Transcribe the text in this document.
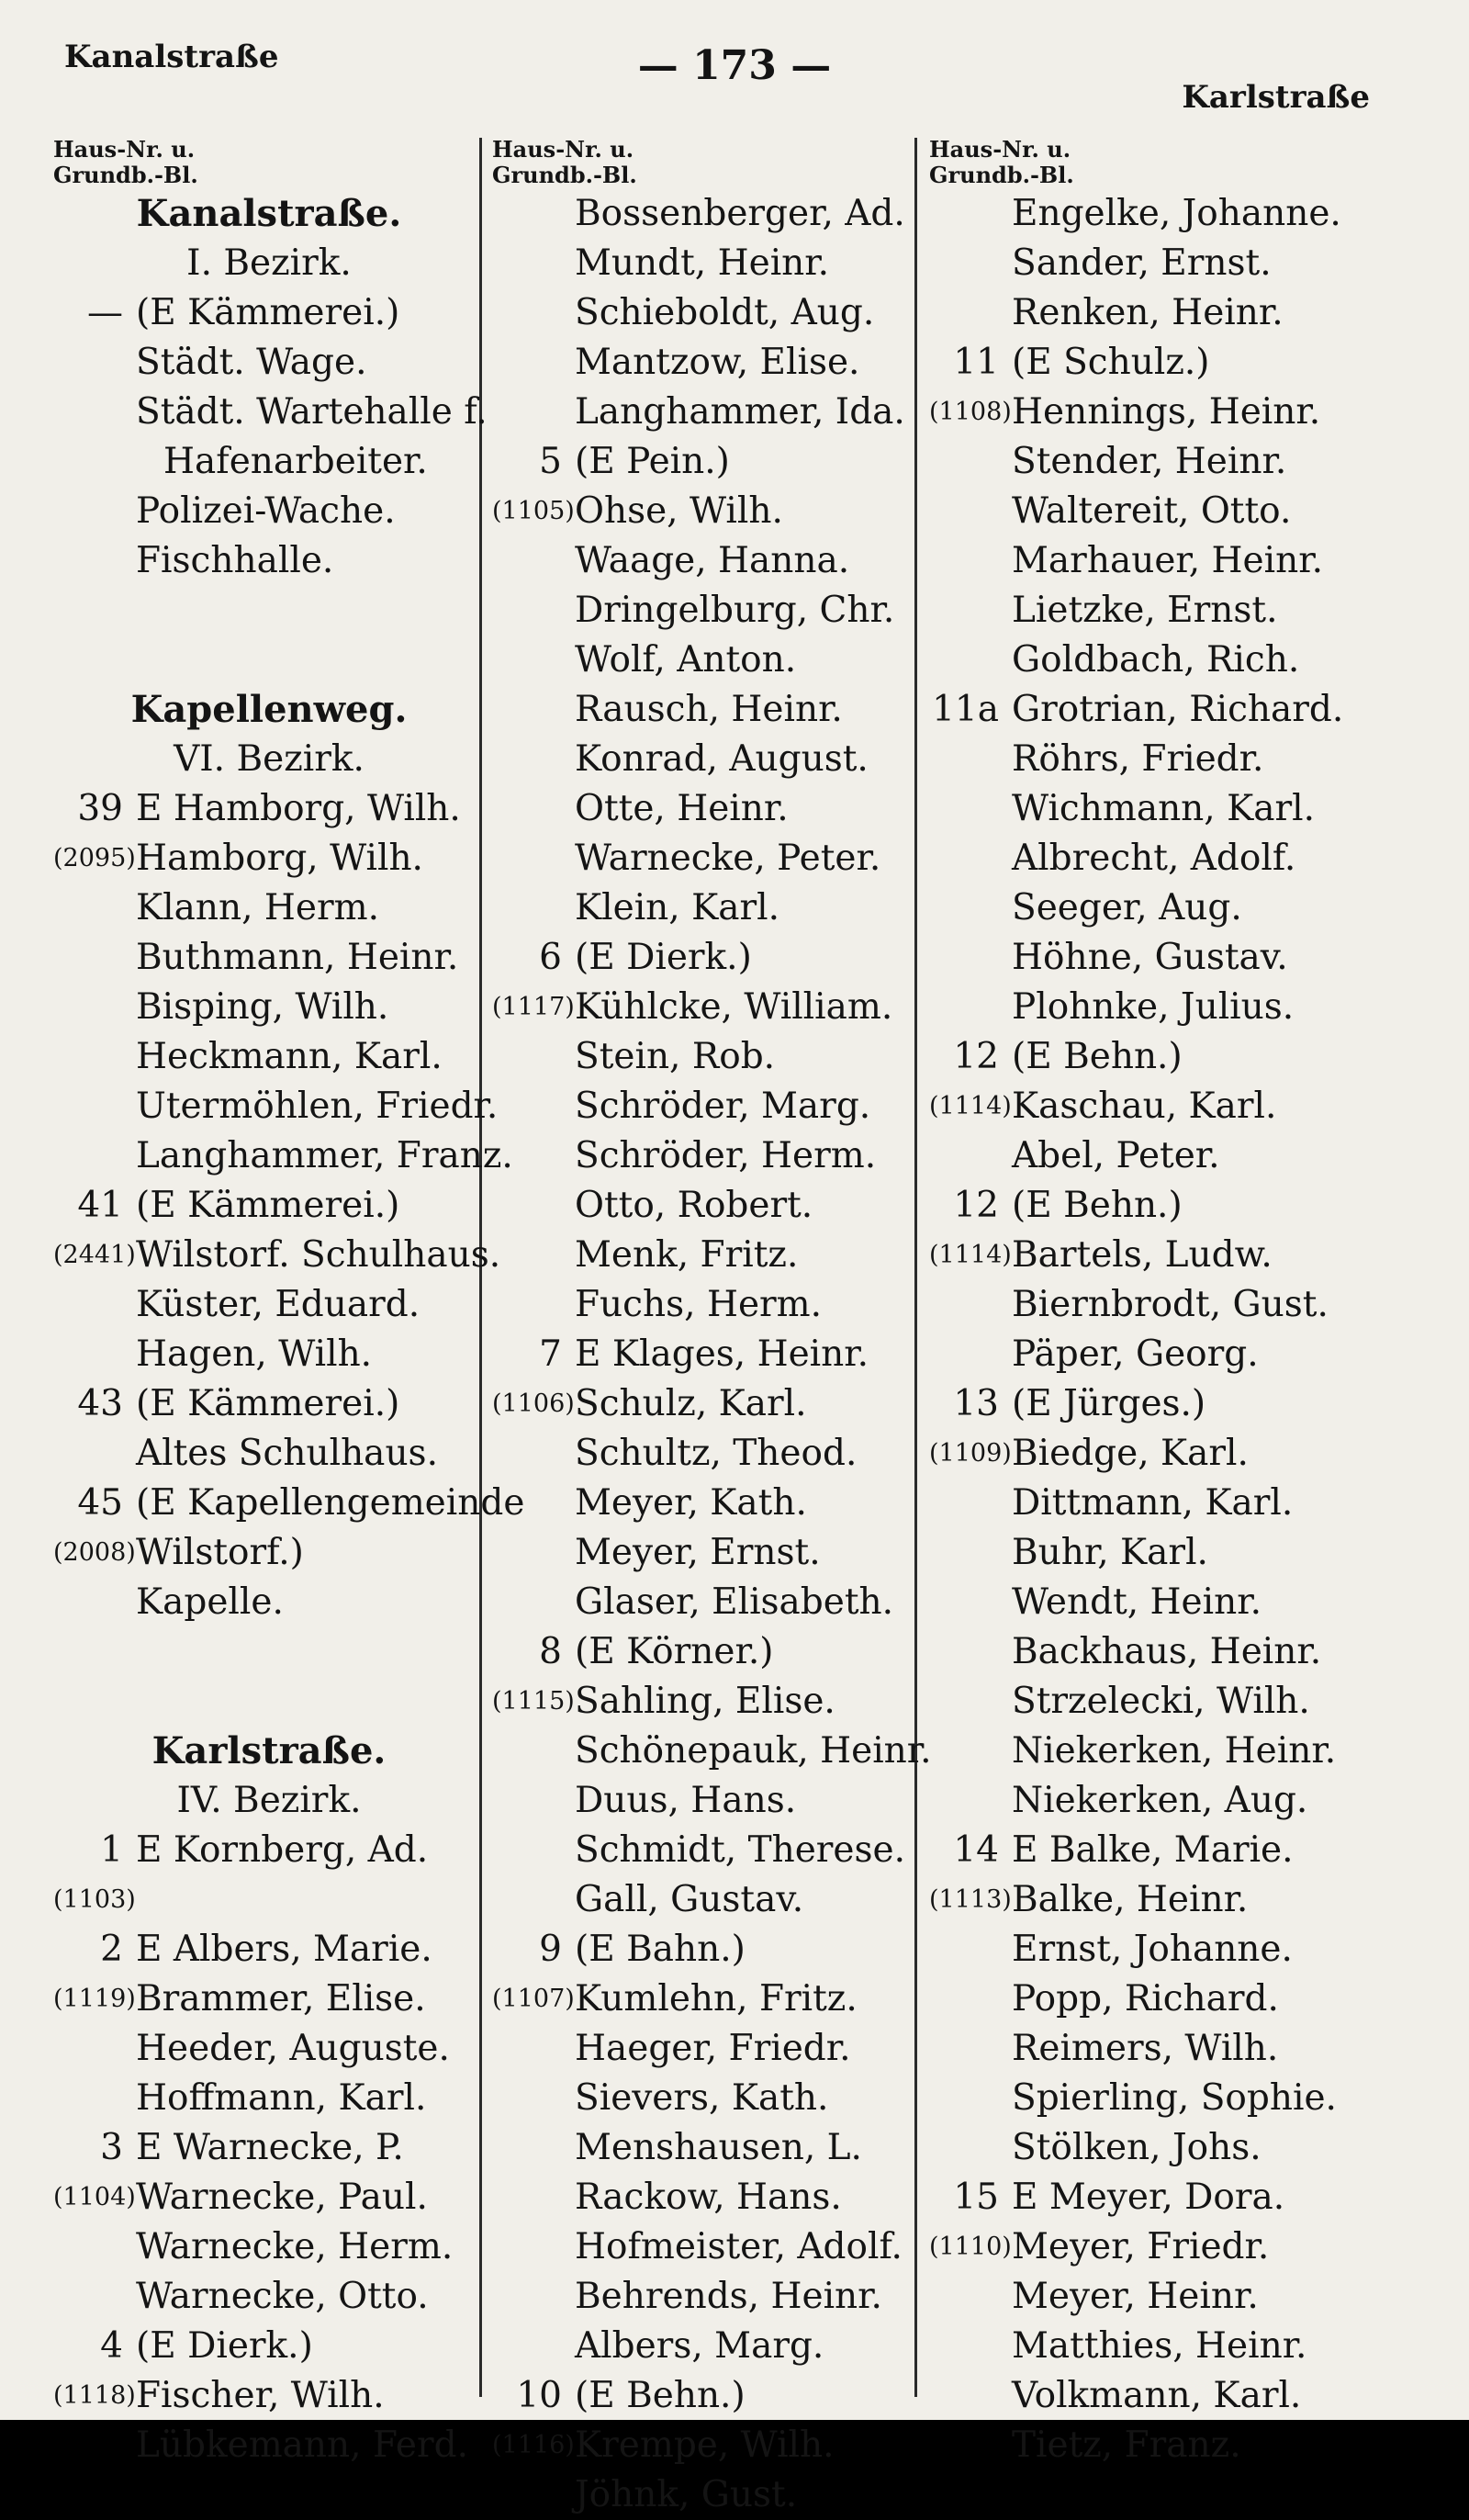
Kanalstraße	— 173 —
Karlstraße
Haus-Nr. u.
Grundb.-Bl.
Kanalstraße.
I. Bezirk.
— (E Kämmerei.)
Städt. Wage.
Städt. Wartehalle f.
Hafenarbeiter.
Polizei-Wache.
Fischhalle.
Kapellenweg.
VI. Bezirk.
39 E Hamborg, Wilh.
(2095) Hamborg, Wilh.
Klann, Herm.
Buthmann, Heinr.
Bisping, Wilh.
Heckmann, Karl.
Utermöhlen, Friedr.
Langhammer, Franz.
41 (E Kämmerei.)
(2441) Wilstorf. Schulhaus.
Küster, Eduard.
Hagen, Wilh.
43 (E Kämmerei.)
Altes Schulhaus.
45 (E Kapellengemeinde
(2008) Wilstorf.)
Kapelle.
Karlstraße.
IV. Bezirk.
1 E Kornberg, Ad.
(1103)
2 E Albers, Marie.
(1119) Brammer, Elise.
Heeder, Auguste.
Hoffmann, Karl.
3 E Warnecke, P.
(1104) Warnecke, Paul.
Warnecke, Herm.
Warnecke, Otto.
4 (E Dierk.)
(1118) Fischer, Wilh.
Lübkemann, Ferd.
Haus-Nr. u.
Grundb.-Bl.
Bossenberger, Ad.
Mundt, Heinr.
Schieboldt, Aug.
Mantzow, Elise.
Langhammer, Ida.
5 (E Pein.)
(1105) Ohse, Wilh.
Waage, Hanna.
Dringelburg, Chr.
Wolf, Anton.
Rausch, Heinr.
Konrad, August.
Otte, Heinr.
Warnecke, Peter.
Klein, Karl.
6 (E Dierk.)
(1117) Kühlcke, William.
Stein, Rob.
Schröder, Marg.
Schröder, Herm.
Otto, Robert.
Menk, Fritz.
Fuchs, Herm.
7 E Klages, Heinr.
(1106) Schulz, Karl.
Schultz, Theod.
Meyer, Kath.
Meyer, Ernst.
Glaser, Elisabeth.
8 (E Körner.)
(1115) Sahling, Elise.
Schönepauk, Heinr.
Duus, Hans.
Schmidt, Therese.
Gall, Gustav.
9 (E Bahn.)
(1107) Kumlehn, Fritz.
Haeger, Friedr.
Sievers, Kath.
Menshausen, L.
Rackow, Hans.
Hofmeister, Adolf.
Behrends, Heinr.
Albers, Marg.
10 (E Behn.)
(1116) Krempe, Wilh.
Jöhnk, Gust.
Haus-Nr. u.
Grundb.-Bl.
Engelke, Johanne.
Sander, Ernst.
Renken, Heinr.
11 (E Schulz.)
(1108) Hennings, Heinr.
Stender, Heinr.
Waltereit, Otto.
Marhauer, Heinr.
Lietzke, Ernst.
Goldbach, Rich.
11a Grotrian, Richard.
Röhrs, Friedr.
Wichmann, Karl.
Albrecht, Adolf.
Seeger, Aug.
Höhne, Gustav.
Plohnke, Julius.
12 (E Behn.)
(1114) Kaschau, Karl.
Abel, Peter.
12 (E Behn.)
(1114) Bartels, Ludw.
Biernbrodt, Gust.
Päper, Georg.
13 (E Jürges.)
(1109) Biedge, Karl.
Dittmann, Karl.
Buhr, Karl.
Wendt, Heinr.
Backhaus, Heinr.
Strzelecki, Wilh.
Niekerken, Heinr.
Niekerken, Aug.
14 E Balke, Marie.
(1113) Balke, Heinr.
Ernst, Johanne.
Popp, Richard.
Reimers, Wilh.
Spierling, Sophie.
Stölken, Johs.
15 E Meyer, Dora.
(1110) Meyer, Friedr.
Meyer, Heinr.
Matthies, Heinr.
Volkmann, Karl.
Tietz, Franz.
